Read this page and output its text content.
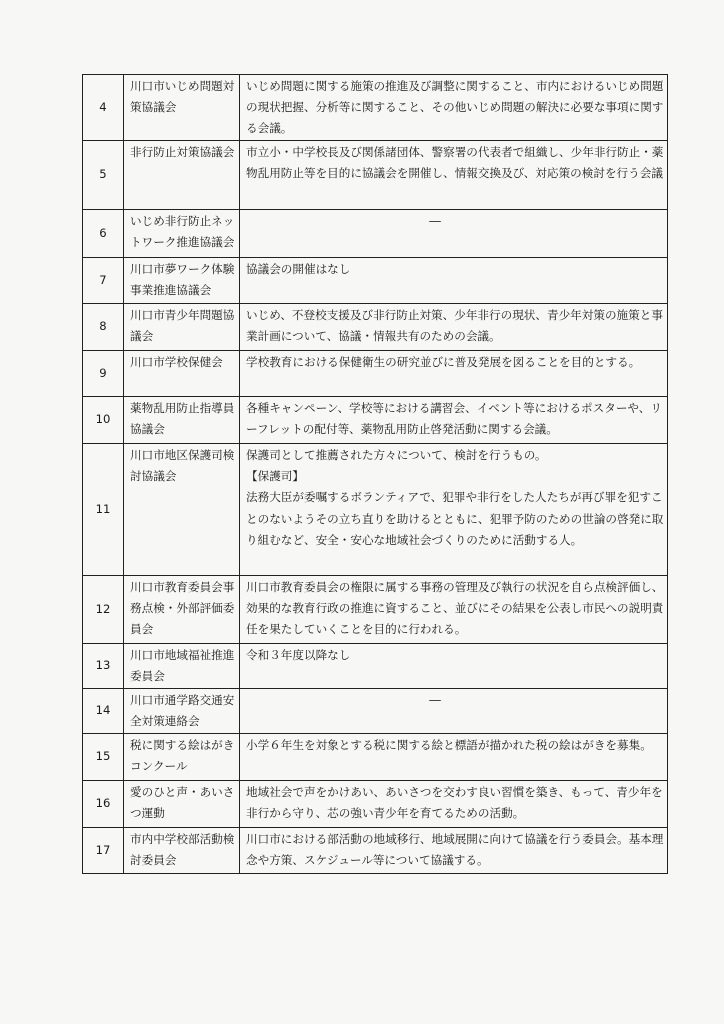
4	川口市いじめ問題対策協議会	いじめ問題に関する施策の推進及び調整に関すること、市内におけるいじめ問題の現状把握、分析等に関すること、その他いじめ問題の解決に必要な事項に関する会議。
5	非行防止対策協議会	市立小・中学校長及び関係諸団体、警察署の代表者で組織し、少年非行防止・薬物乱用防止等を目的に協議会を開催し、情報交換及び、対応策の検討を行う会議
6	いじめ非行防止ネットワーク推進協議会	―

7	川口市夢ワーク体験事業推進協議会	協議会の開催はなし
8	川口市青少年問題協議会	いじめ、不登校支援及び非行防止対策、少年非行の現状、青少年対策の施策と事業計画について、協議・情報共有のための会議。
9	川口市学校保健会	学校教育における保健衛生の研究並びに普及発展を図ることを目的とする。
10	薬物乱用防止指導員協議会	各種キャンペーン、学校等における講習会、イベント等におけるポスターや、リーフレットの配付等、薬物乱用防止啓発活動に関する会議。
11	川口市地区保護司検討協議会	保護司として推薦された方々について、検討を行うもの。
【保護司】
法務大臣が委嘱するボランティアで、犯罪や非行をした人たちが再び罪を犯すことのないようその立ち直りを助けるとともに、犯罪予防のための世論の啓発に取り組むなど、安全・安心な地域社会づくりのために活動する人。

12	川口市教育委員会事務点検・外部評価委員会	川口市教育委員会の権限に属する事務の管理及び執行の状況を自ら点検評価し、効果的な教育行政の推進に資すること、並びにその結果を公表し市民への説明責任を果たしていくことを目的に行われる。
13	川口市地域福祉推進委員会	令和３年度以降なし
14	川口市通学路交通安全対策連絡会	―

15	税に関する絵はがきコンクール	小学６年生を対象とする税に関する絵と標語が描かれた税の絵はがきを募集。
16	愛のひと声・あいさつ運動	地域社会で声をかけあい、あいさつを交わす良い習慣を築き、もって、青少年を非行から守り、芯の強い青少年を育てるための活動。
17	市内中学校部活動検討委員会	川口市における部活動の地域移行、地域展開に向けて協議を行う委員会。基本理念や方策、スケジュール等について協議する。
